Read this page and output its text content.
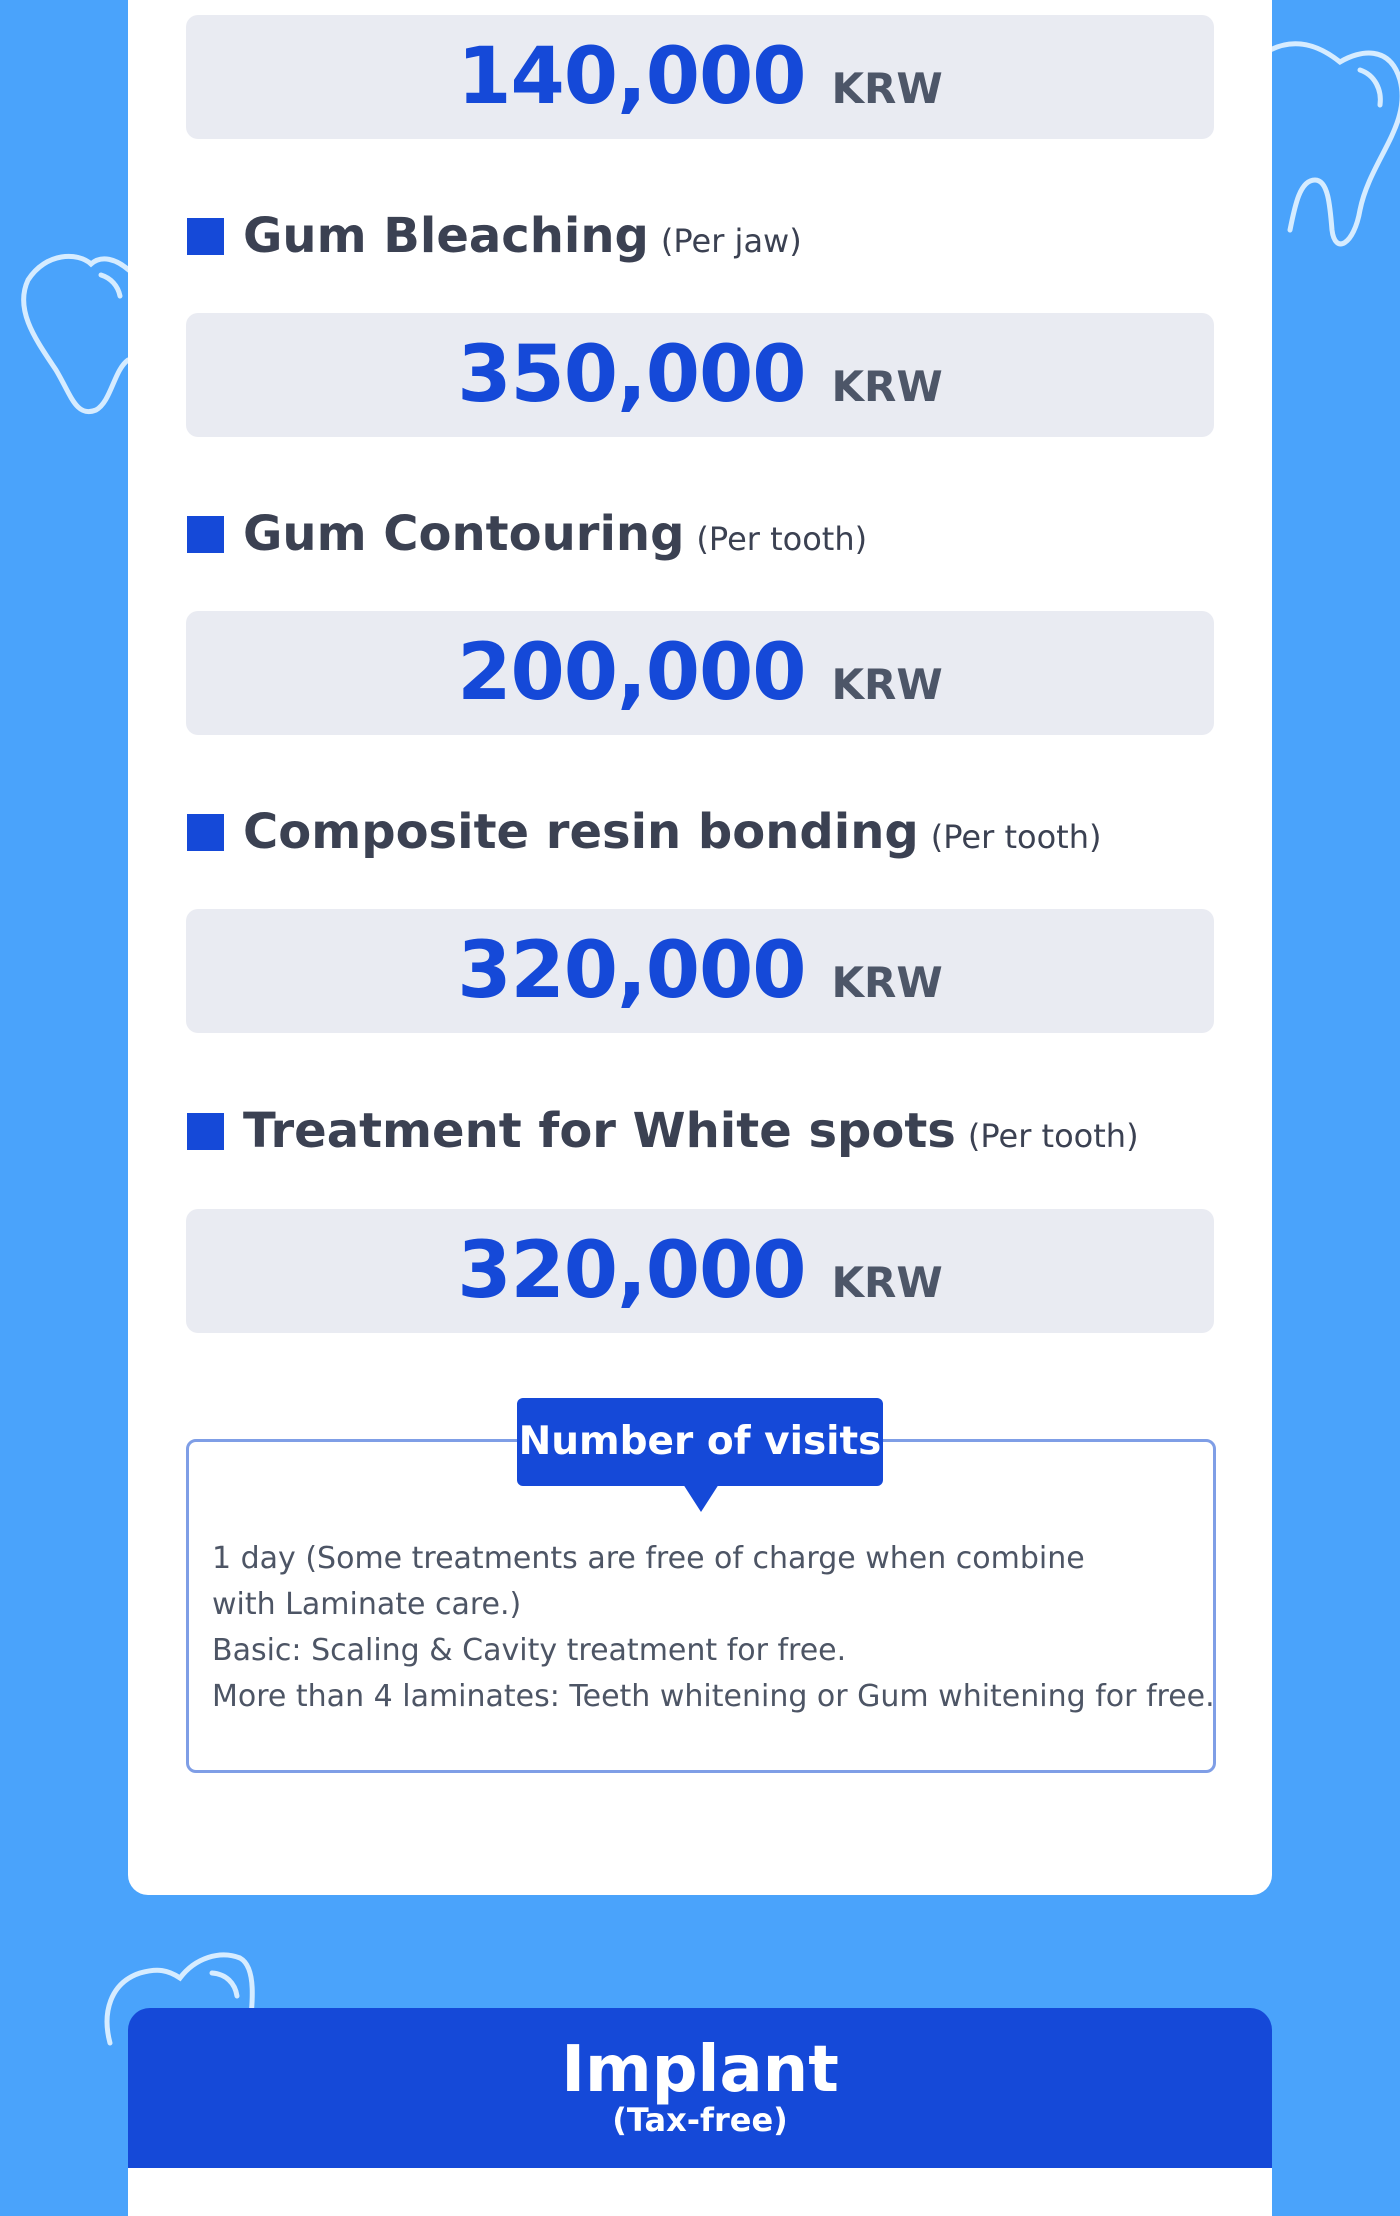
140,000 KRW
Gum Bleaching (Per jaw)
350,000 KRW
Gum Contouring (Per tooth)
200,000 KRW
Composite resin bonding (Per tooth)
320,000 KRW
Treatment for White spots (Per tooth)
320,000 KRW
Number of visits
1 day (Some treatments are free of charge when combine
with Laminate care.)
Basic: Scaling & Cavity treatment for free.
More than 4 laminates: Teeth whitening or Gum whitening for free.
Implant
(Tax-free)
